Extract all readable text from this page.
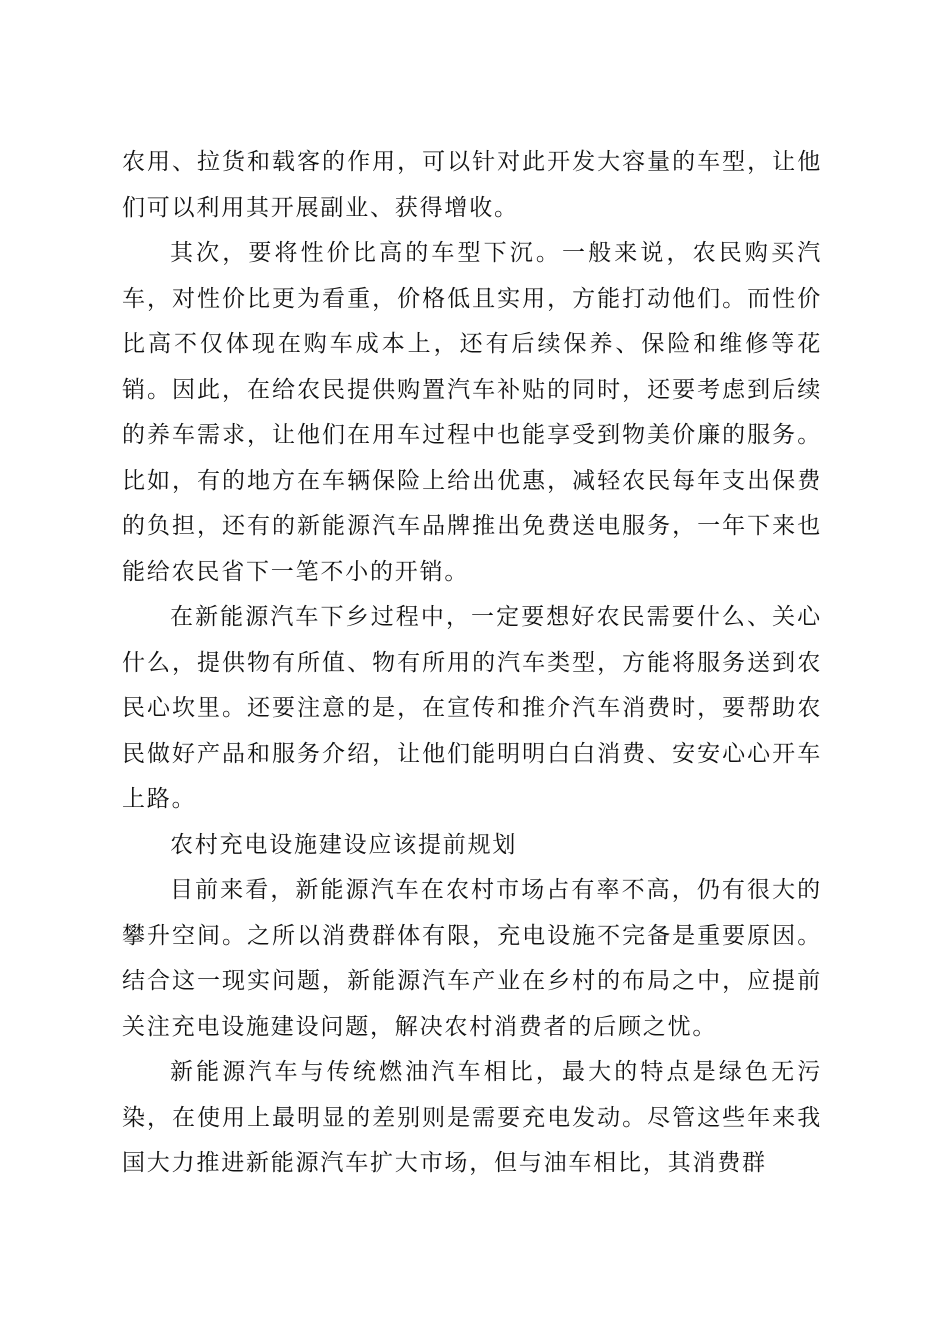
农用、拉货和载客的作用，可以针对此开发大容量的车型，让他们可以利用其开展副业、获得增收。

其次，要将性价比高的车型下沉。一般来说，农民购买汽车，对性价比更为看重，价格低且实用，方能打动他们。而性价比高不仅体现在购车成本上，还有后续保养、保险和维修等花销。因此，在给农民提供购置汽车补贴的同时，还要考虑到后续的养车需求，让他们在用车过程中也能享受到物美价廉的服务。比如，有的地方在车辆保险上给出优惠，减轻农民每年支出保费的负担，还有的新能源汽车品牌推出免费送电服务，一年下来也能给农民省下一笔不小的开销。

在新能源汽车下乡过程中，一定要想好农民需要什么、关心什么，提供物有所值、物有所用的汽车类型，方能将服务送到农民心坎里。还要注意的是，在宣传和推介汽车消费时，要帮助农民做好产品和服务介绍，让他们能明明白白消费、安安心心开车上路。

农村充电设施建设应该提前规划

目前来看，新能源汽车在农村市场占有率不高，仍有很大的攀升空间。之所以消费群体有限，充电设施不完备是重要原因。结合这一现实问题，新能源汽车产业在乡村的布局之中，应提前关注充电设施建设问题，解决农村消费者的后顾之忧。

新能源汽车与传统燃油汽车相比，最大的特点是绿色无污染，在使用上最明显的差别则是需要充电发动。尽管这些年来我国大力推进新能源汽车扩大市场，但与油车相比，其消费群
